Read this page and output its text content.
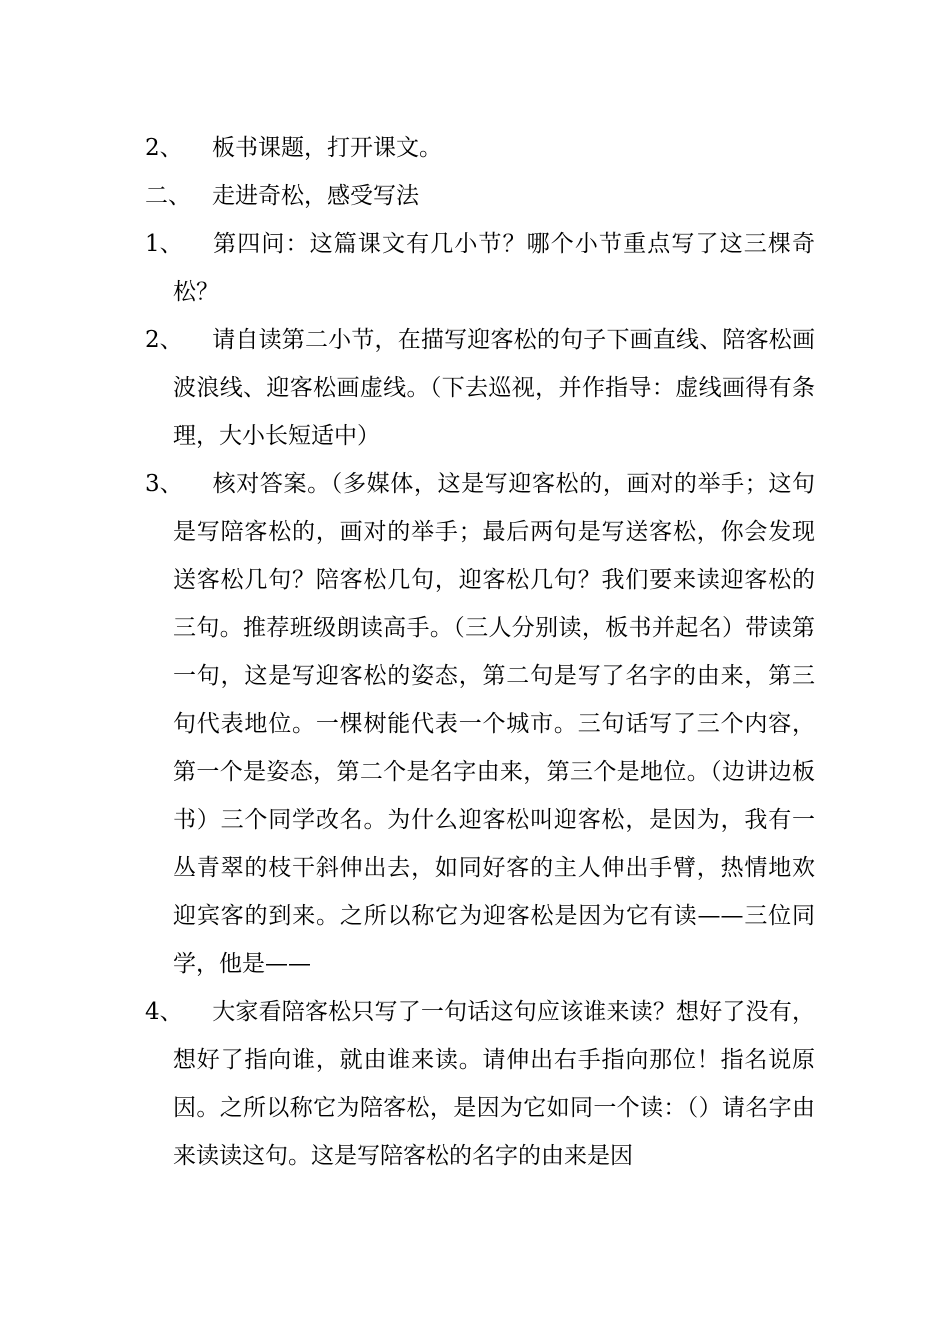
2、 板书课题，打开课文。

二、 走进奇松，感受写法

1、 第四问：这篇课文有几小节？哪个小节重点写了这三棵奇松？

2、 请自读第二小节，在描写迎客松的句子下画直线、陪客松画波浪线、迎客松画虚线。（下去巡视，并作指导：虚线画得有条理，大小长短适中）

3、 核对答案。（多媒体，这是写迎客松的，画对的举手；这句是写陪客松的，画对的举手；最后两句是写送客松，你会发现送客松几句？陪客松几句，迎客松几句？我们要来读迎客松的三句。推荐班级朗读高手。（三人分别读，板书并起名）带读第一句，这是写迎客松的姿态，第二句是写了名字的由来，第三句代表地位。一棵树能代表一个城市。三句话写了三个内容，第一个是姿态，第二个是名字由来，第三个是地位。（边讲边板书）三个同学改名。为什么迎客松叫迎客松，是因为，我有一丛青翠的枝干斜伸出去，如同好客的主人伸出手臂，热情地欢迎宾客的到来。之所以称它为迎客松是因为它有读——三位同学，他是——

4、 大家看陪客松只写了一句话这句应该谁来读？想好了没有，想好了指向谁，就由谁来读。请伸出右手指向那位！指名说原因。之所以称它为陪客松，是因为它如同一个读：（）请名字由来读读这句。这是写陪客松的名字的由来是因
